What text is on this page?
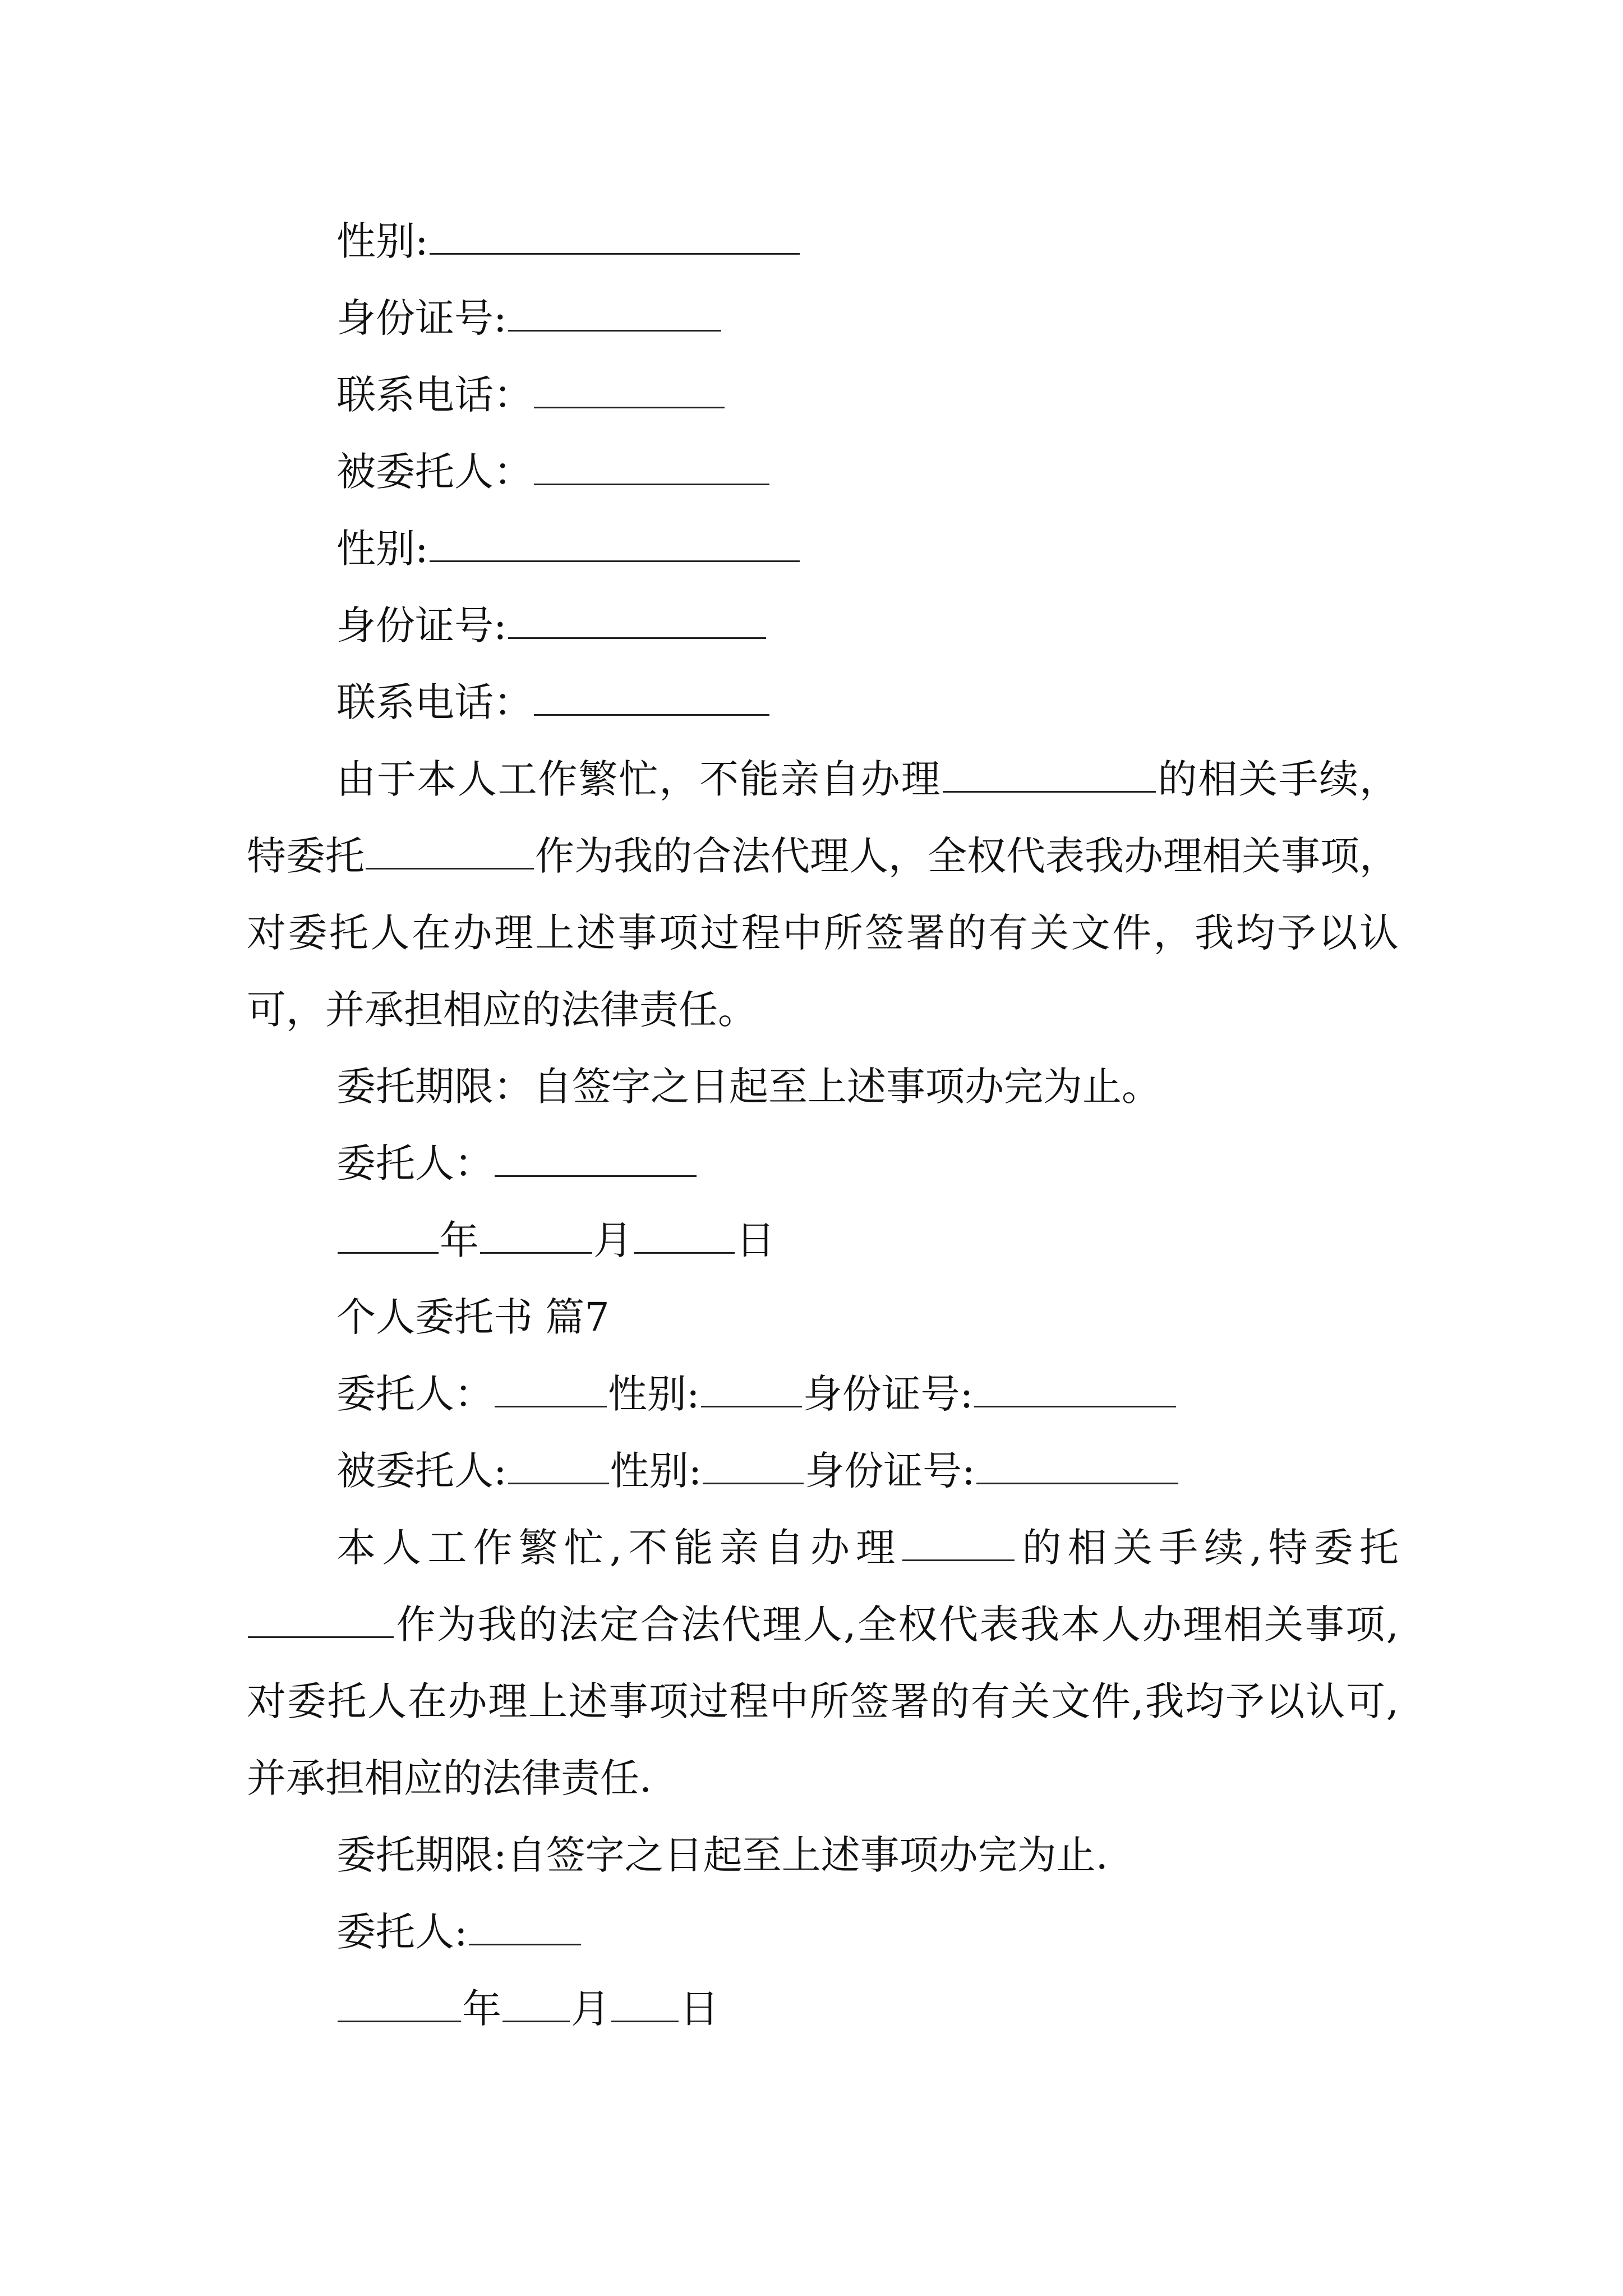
性别:
身份证号:
联系电话：
被委托人：
性别:
身份证号:
联系电话：
由于本人工作繁忙，不能亲自办理	的相关手续，特委托	作为我的合法代理人，全权代表我办理相关事项，对委托人在办理上述事项过程中所签署的有关文件，我均予以认可，并承担相应的法律责任。
委托期限：自签字之日起至上述事项办完为止。
委托人：
年	月	日
个人委托书 篇7
委托人：	性别:	身份证号:
被委托人:	性别:	身份证号:
本人工作繁忙,不能亲自办理	的相关手续,特委托作为我的法定合法代理人,全权代表我本人办理相关事项,对委托人在办理上述事项过程中所签署的有关文件,我均予以认可,并承担相应的法律责任.
委托期限:自签字之日起至上述事项办完为止.
委托人:
年 月 日
